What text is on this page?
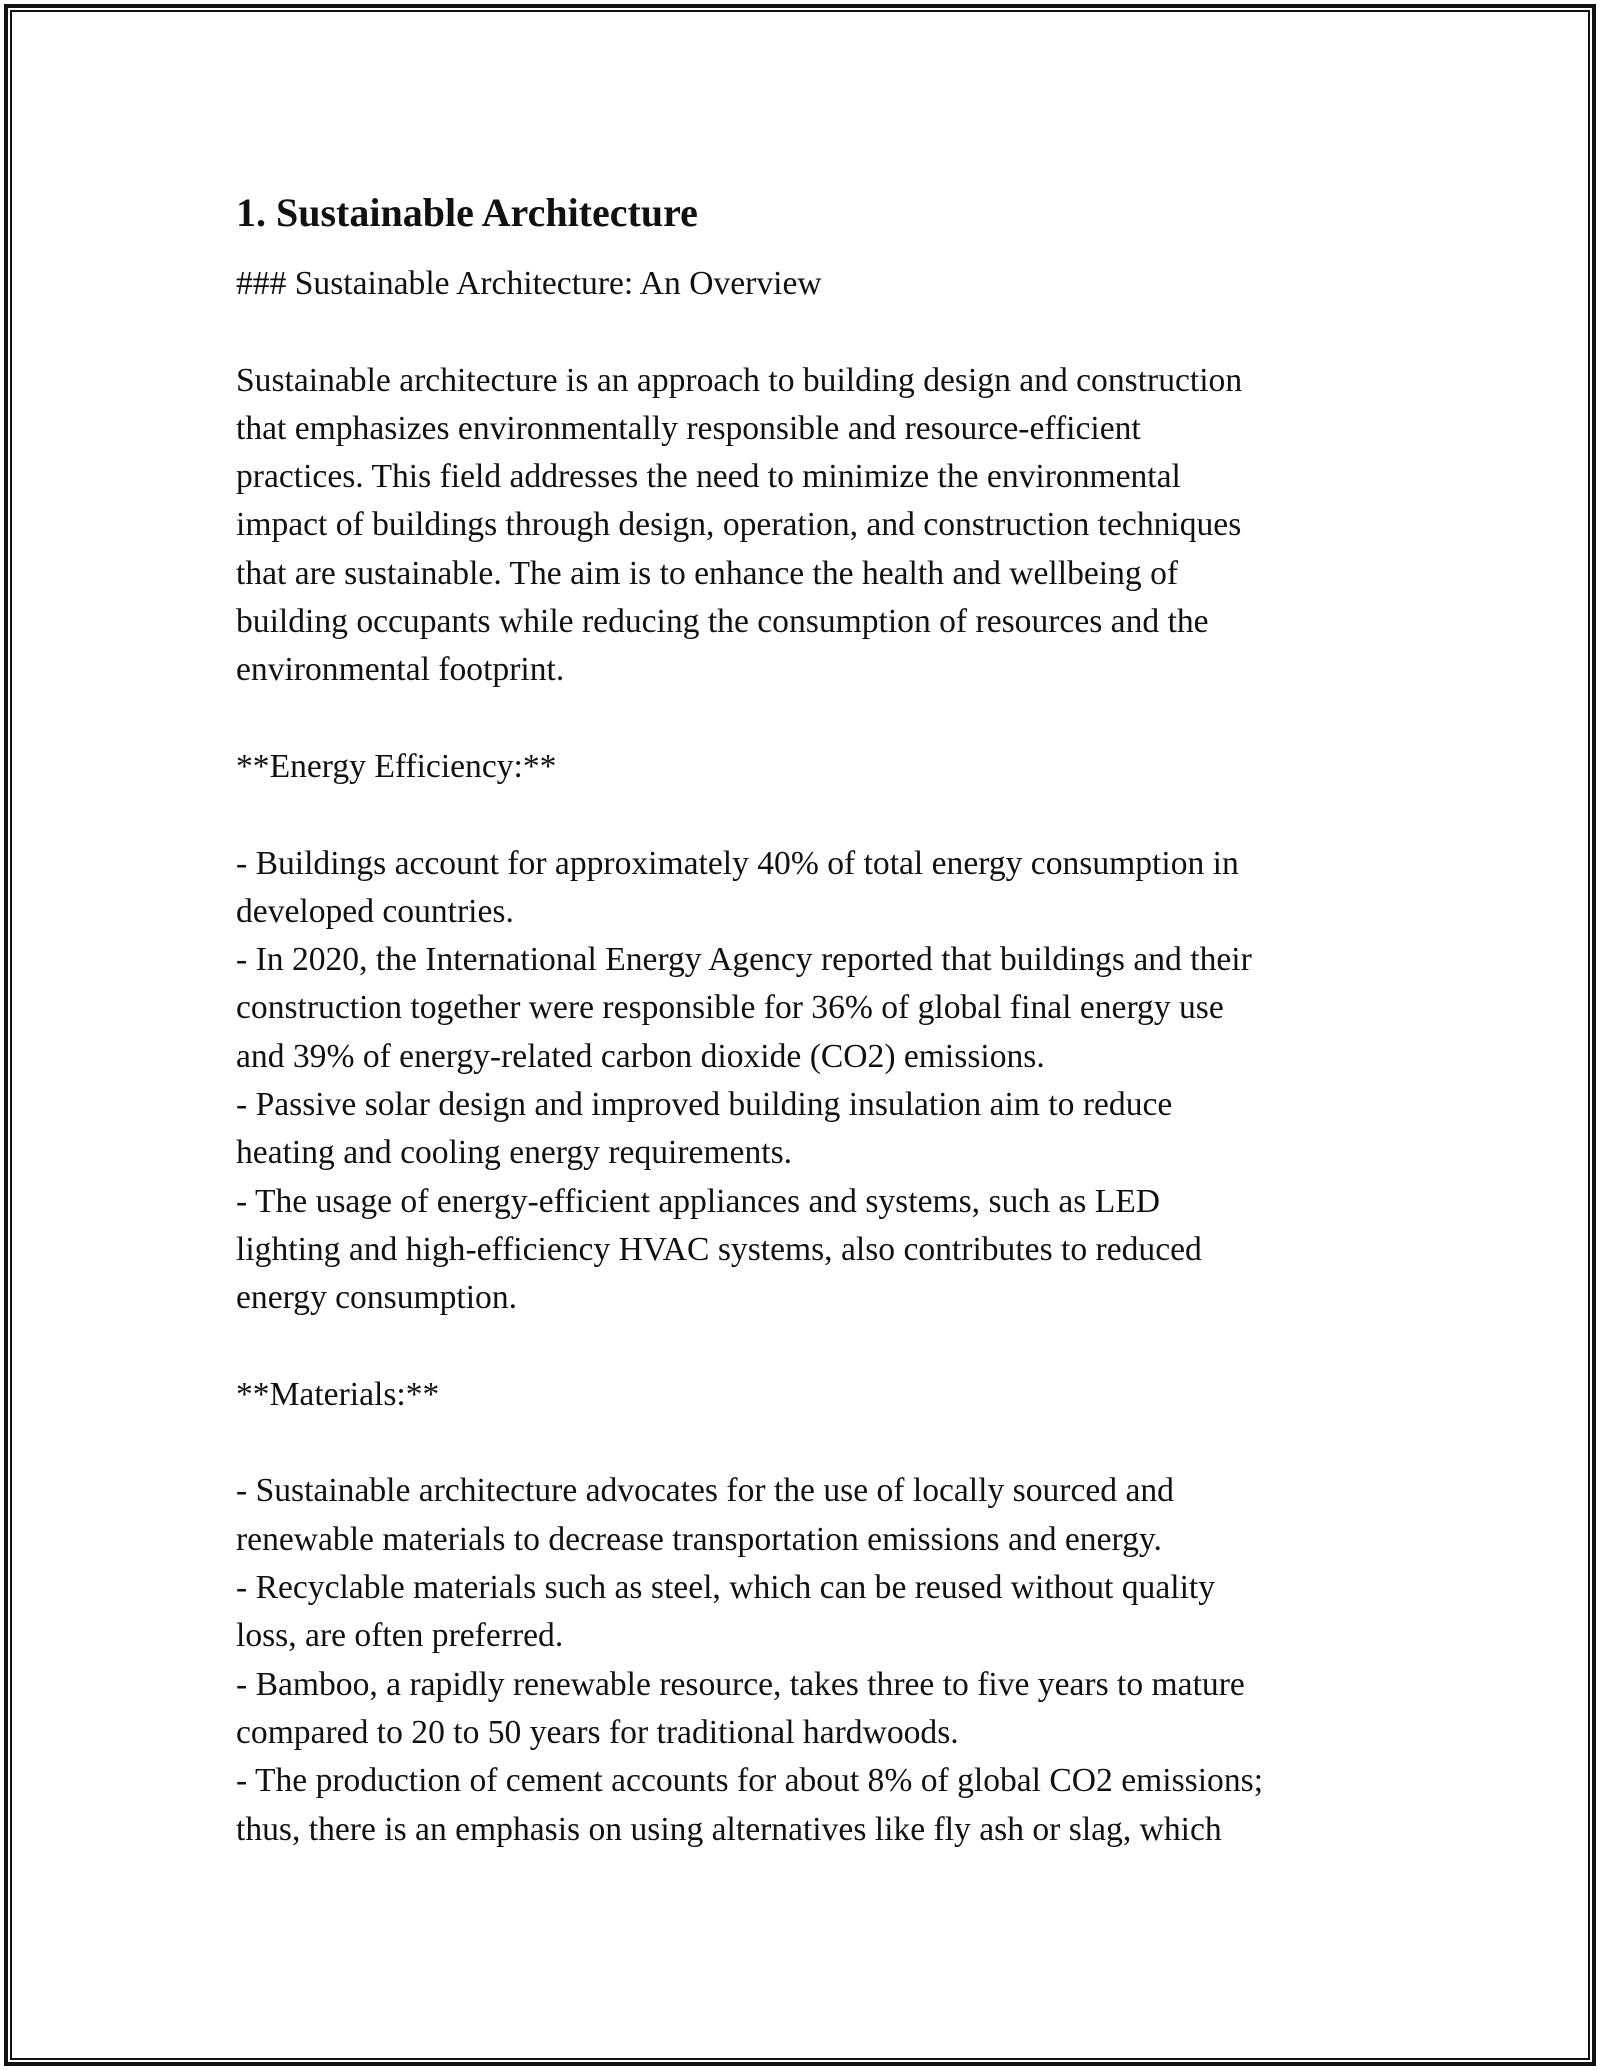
1. Sustainable Architecture

### Sustainable Architecture: An Overview

Sustainable architecture is an approach to building design and construction

that emphasizes environmentally responsible and resource-efficient

practices. This field addresses the need to minimize the environmental

impact of buildings through design, operation, and construction techniques

that are sustainable. The aim is to enhance the health and wellbeing of

building occupants while reducing the consumption of resources and the

environmental footprint.

**Energy Efficiency:**

- Buildings account for approximately 40% of total energy consumption in

developed countries.

- In 2020, the International Energy Agency reported that buildings and their

construction together were responsible for 36% of global final energy use

and 39% of energy-related carbon dioxide (CO2) emissions.

- Passive solar design and improved building insulation aim to reduce

heating and cooling energy requirements.

- The usage of energy-efficient appliances and systems, such as LED

lighting and high-efficiency HVAC systems, also contributes to reduced

energy consumption.

**Materials:**

- Sustainable architecture advocates for the use of locally sourced and

renewable materials to decrease transportation emissions and energy.

- Recyclable materials such as steel, which can be reused without quality

loss, are often preferred.

- Bamboo, a rapidly renewable resource, takes three to five years to mature

compared to 20 to 50 years for traditional hardwoods.

- The production of cement accounts for about 8% of global CO2 emissions;

thus, there is an emphasis on using alternatives like fly ash or slag, which
